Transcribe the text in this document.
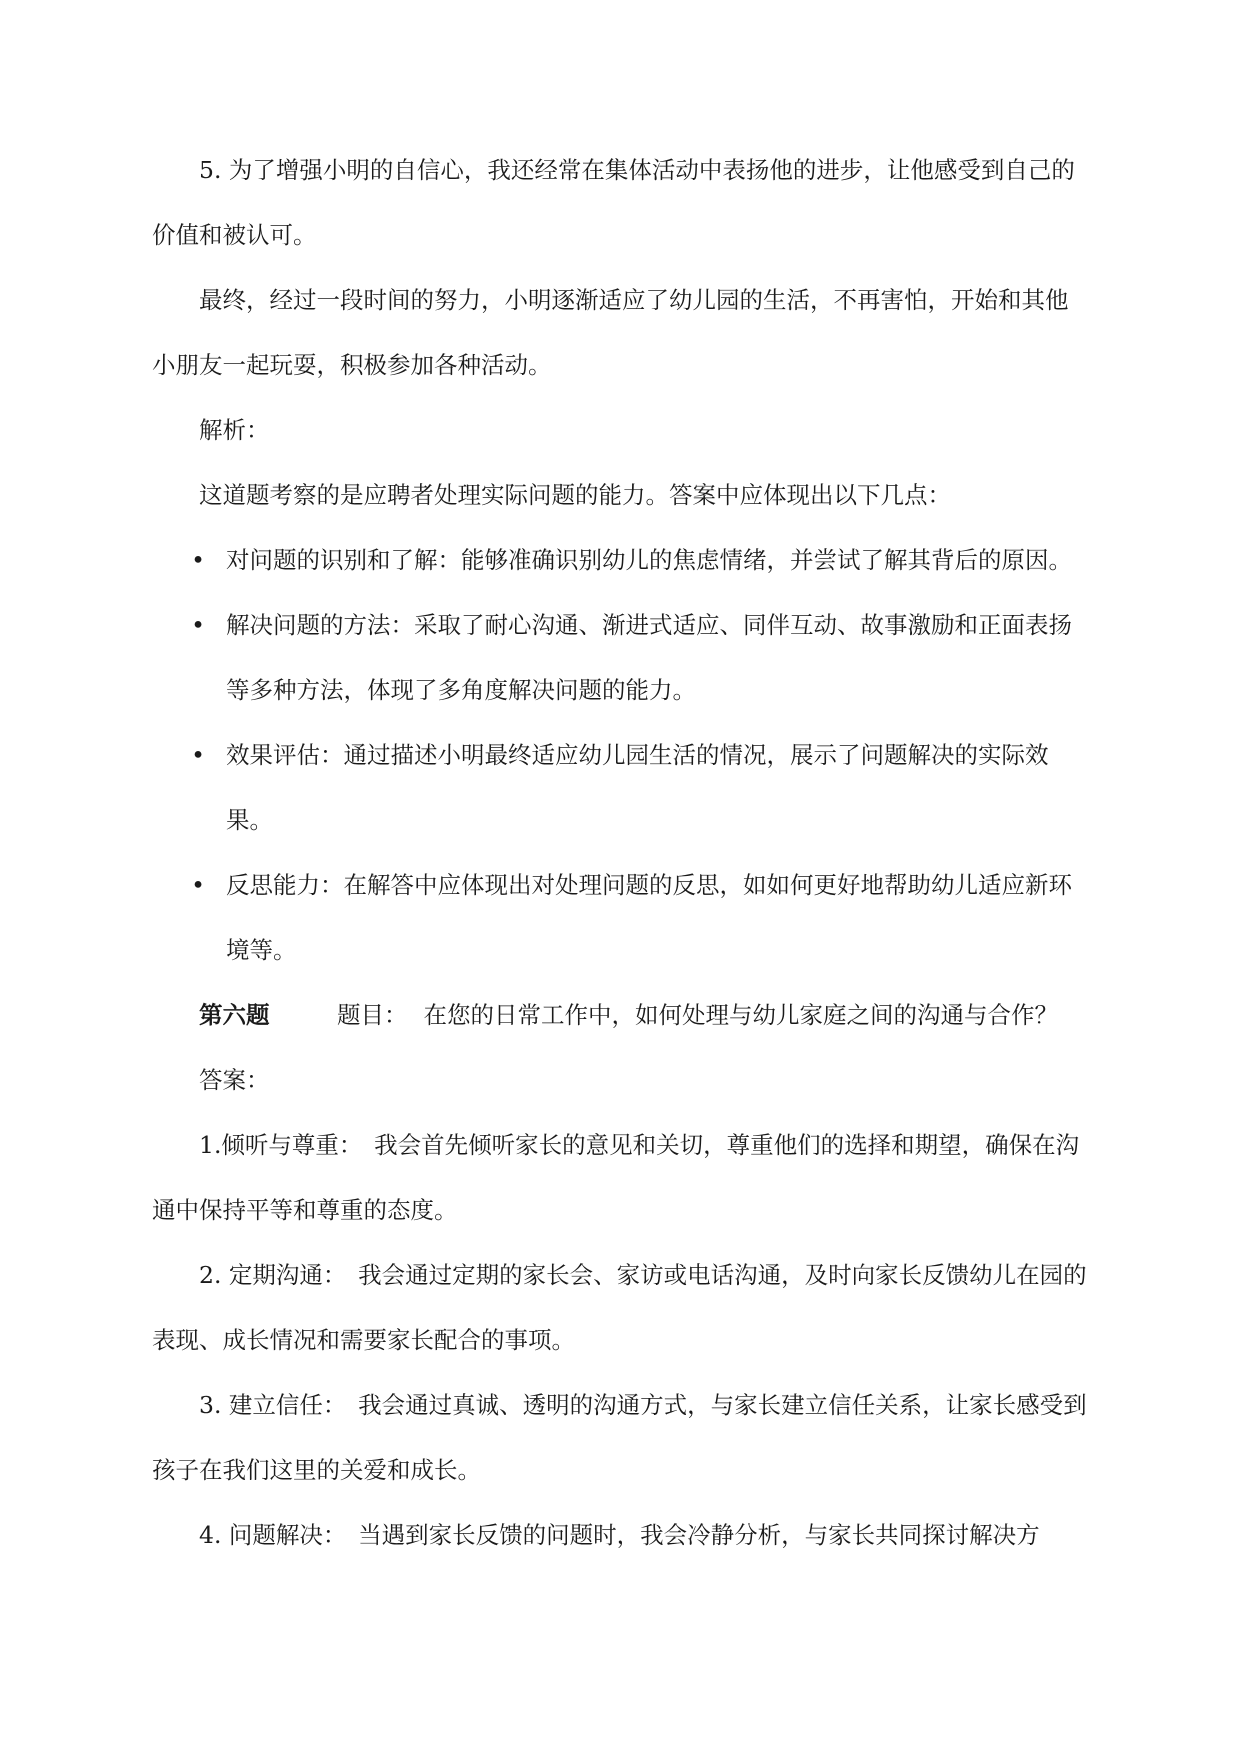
5. 为了增强小明的自信心，我还经常在集体活动中表扬他的进步，让他感受到自己的价值和被认可。

最终，经过一段时间的努力，小明逐渐适应了幼儿园的生活，不再害怕，开始和其他小朋友一起玩耍，积极参加各种活动。

解析：

这道题考察的是应聘者处理实际问题的能力。答案中应体现出以下几点：

• 对问题的识别和了解：能够准确识别幼儿的焦虑情绪，并尝试了解其背后的原因。
• 解决问题的方法：采取了耐心沟通、渐进式适应、同伴互动、故事激励和正面表扬等多种方法，体现了多角度解决问题的能力。
• 效果评估：通过描述小明最终适应幼儿园生活的情况，展示了问题解决的实际效果。
• 反思能力：在解答中应体现出对处理问题的反思，如如何更好地帮助幼儿适应新环境等。

第六题	题目： 在您的日常工作中，如何处理与幼儿家庭之间的沟通与合作？

答案：

1.倾听与尊重：　我会首先倾听家长的意见和关切，尊重他们的选择和期望，确保在沟通中保持平等和尊重的态度。

2. 定期沟通：　我会通过定期的家长会、家访或电话沟通，及时向家长反馈幼儿在园的表现、成长情况和需要家长配合的事项。

3. 建立信任：　我会通过真诚、透明的沟通方式，与家长建立信任关系，让家长感受到孩子在我们这里的关爱和成长。

4. 问题解决：　当遇到家长反馈的问题时，我会冷静分析，与家长共同探讨解决方
